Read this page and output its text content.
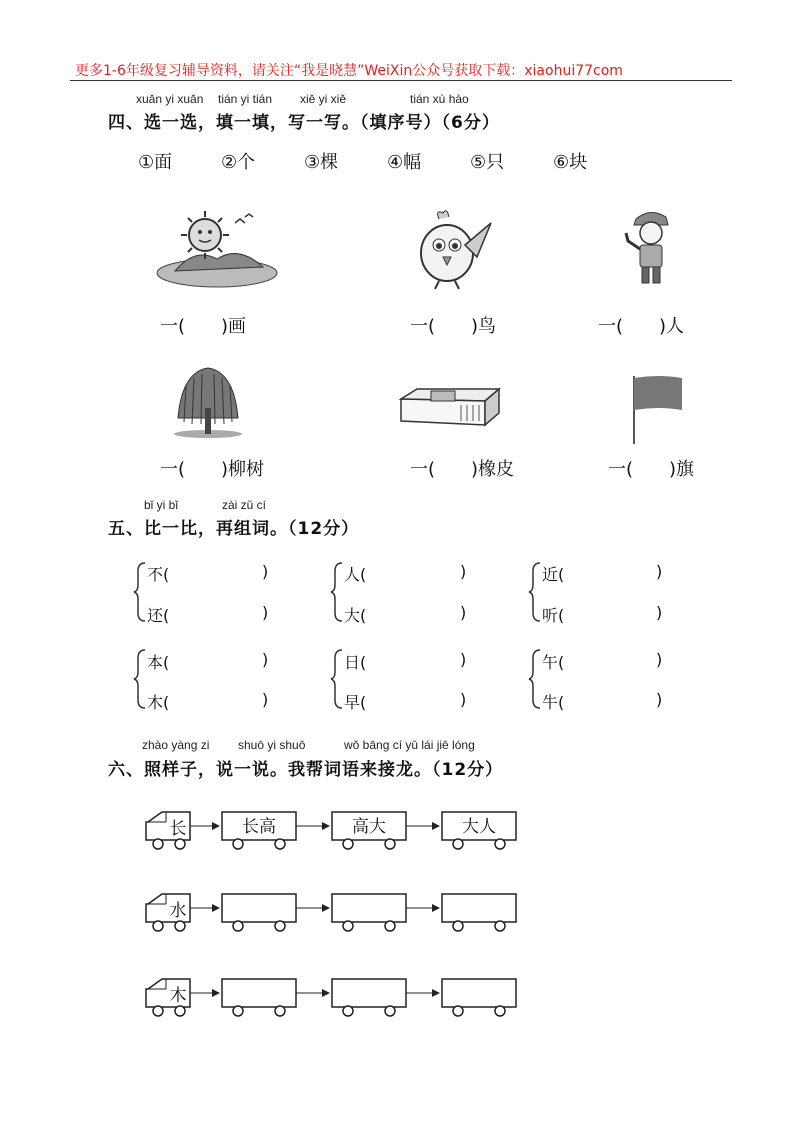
更多1-6年级复习辅导资料，请关注“我是晓慧”WeiXin公众号获取下载：xiaohui77com
xuǎn yi xuǎn tián yi tián xiě yi xiě	tián xù hào
四、选一选，填一填，写一写。（填序号）（6分）
①面	②个	③棵	④幅	⑤只	⑥块
一(　　)画	一(　　)鸟	一(　　)人
一(　　)柳树	一(　　)橡皮	一(　　)旗
bǐ yi bǐ	zài zǔ cí
五、比一比，再组词。（12分）
不(	)
还(	)
人(	)
大(	)
近(	)
听(	)
本(	)
木(	)
日(	)
早(	)
午(	)
牛(	)
zhào yàng zi shuō yi shuō	wǒ bāng cí yǔ lái jiē lóng
六、照样子，说一说。我帮词语来接龙。（12分）
长	长高	高大	大人
水
木
